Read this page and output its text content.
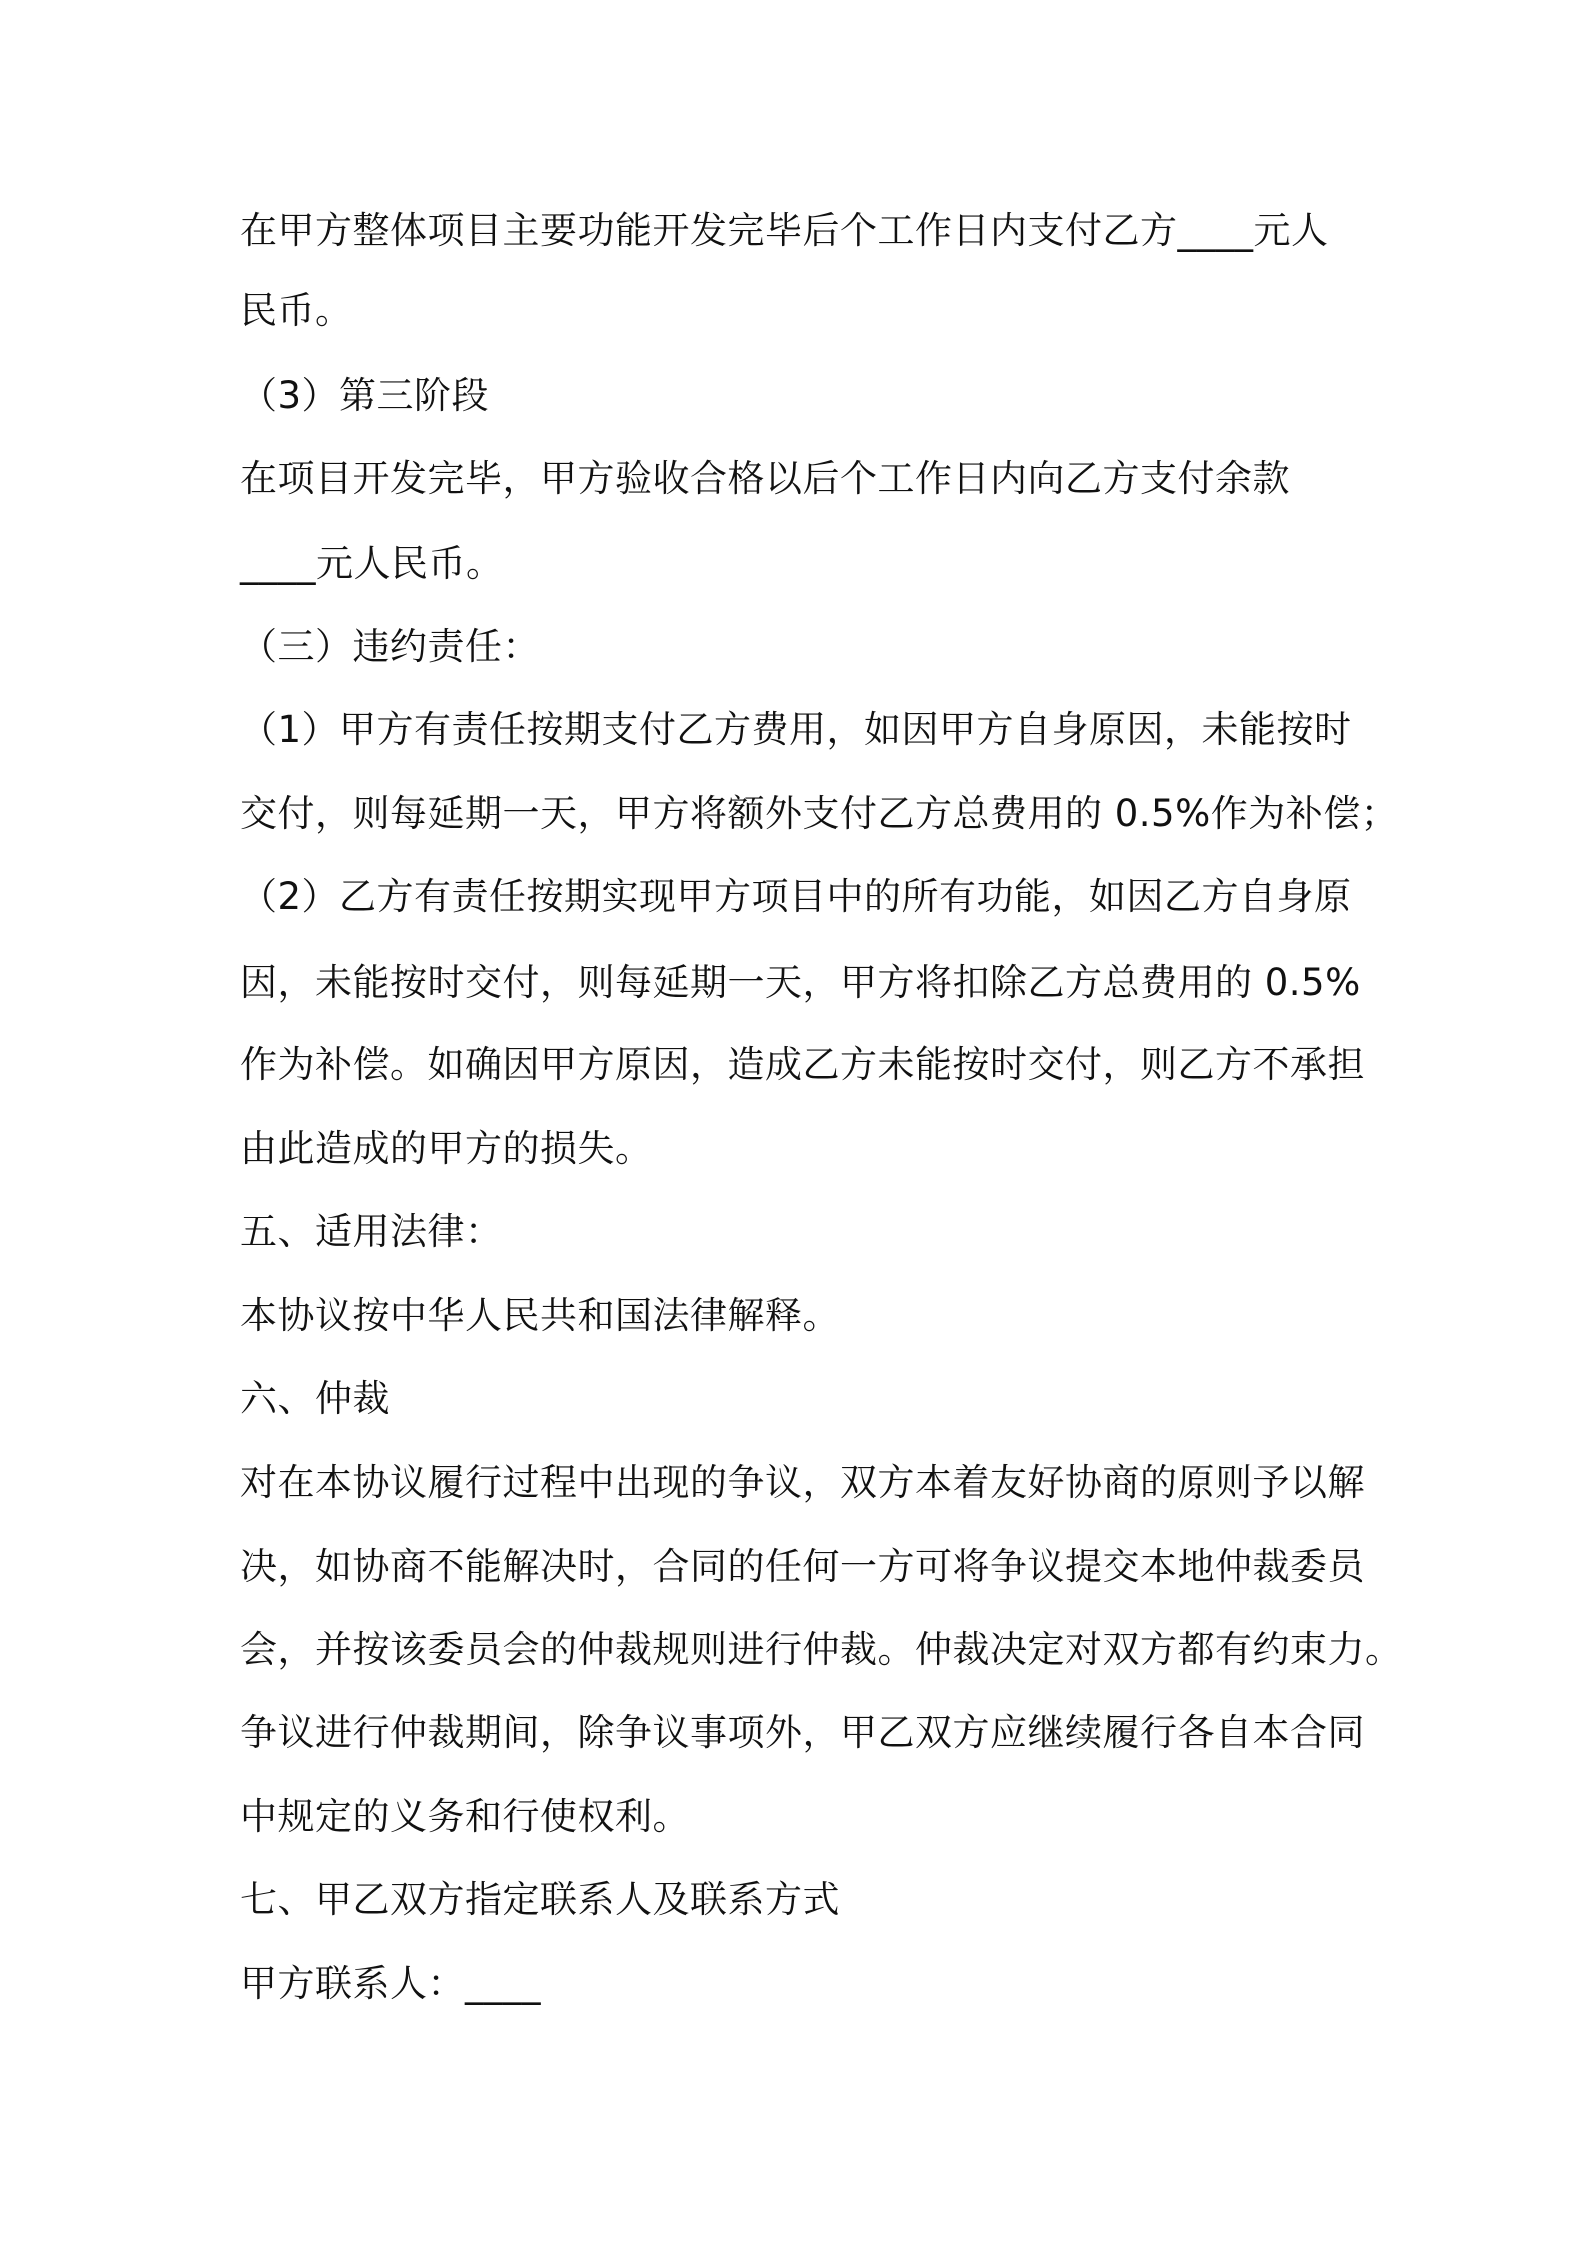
在甲方整体项目主要功能开发完毕后个工作日内支付乙方____元人

民币。

（3）第三阶段

在项目开发完毕，甲方验收合格以后个工作日内向乙方支付余款

____元人民币。

（三）违约责任：

（1）甲方有责任按期支付乙方费用，如因甲方自身原因，未能按时

交付，则每延期一天，甲方将额外支付乙方总费用的 0.5%作为补偿；

（2）乙方有责任按期实现甲方项目中的所有功能，如因乙方自身原

因，未能按时交付，则每延期一天，甲方将扣除乙方总费用的 0.5%

作为补偿。如确因甲方原因，造成乙方未能按时交付，则乙方不承担

由此造成的甲方的损失。

五、适用法律：

本协议按中华人民共和国法律解释。

六、仲裁

对在本协议履行过程中出现的争议，双方本着友好协商的原则予以解

决，如协商不能解决时，合同的任何一方可将争议提交本地仲裁委员

会，并按该委员会的仲裁规则进行仲裁。仲裁决定对双方都有约束力。

争议进行仲裁期间，除争议事项外，甲乙双方应继续履行各自本合同

中规定的义务和行使权利。

七、甲乙双方指定联系人及联系方式

甲方联系人：____
